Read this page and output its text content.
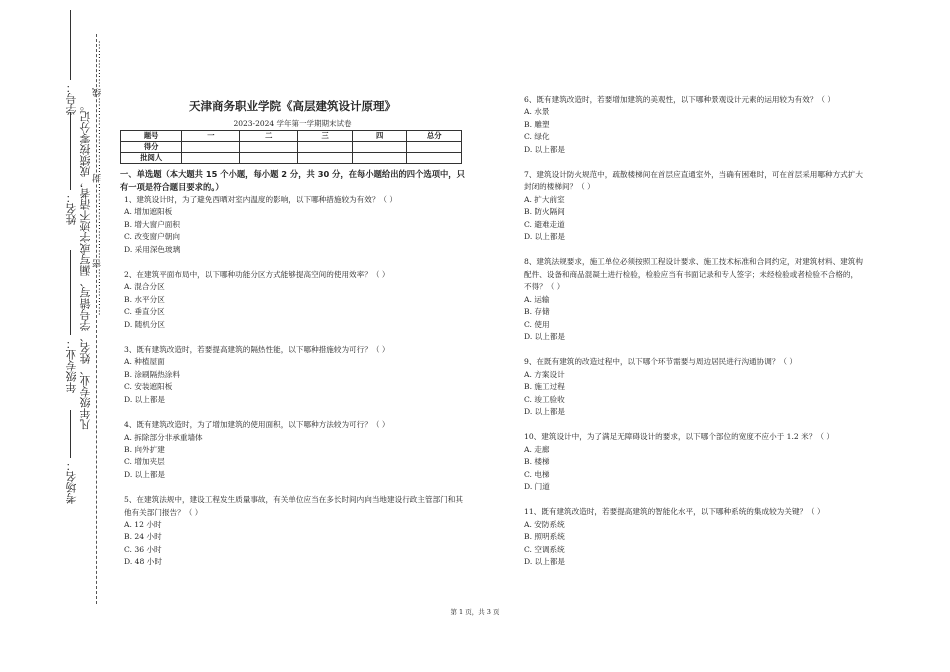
学号：
姓名：
年级专业：
考场名：
凡年级专业、姓名、学号错写、漏写或字迹不清者，成绩按零分记。 ……………密……………………封……………………线……………	天津商务职业学院《高层建筑设计原理》
2023-2024 学年第一学期期末试卷
题号	一	二	三	四	总分
得分					
批阅人					
一、单选题（本大题共 15 个小题，每小题 2 分，共 30 分，在每小题给出的四个选项中，只有一项是符合题目要求的。）

1、建筑设计时，为了避免西晒对室内温度的影响，以下哪种措施较为有效？（ ）

A. 增加遮阳板

B. 增大窗户面积

C. 改变窗户朝向

D. 采用深色玻璃

2、在建筑平面布局中，以下哪种功能分区方式能够提高空间的使用效率？（ ）

A. 混合分区

B. 水平分区

C. 垂直分区

D. 随机分区

3、既有建筑改造时，若要提高建筑的隔热性能，以下哪种措施较为可行？（ ）

A. 种植屋面

B. 涂刷隔热涂料

C. 安装遮阳板

D. 以上都是

4、既有建筑改造时，为了增加建筑的使用面积，以下哪种方法较为可行？（ ）

A. 拆除部分非承重墙体

B. 向外扩建

C. 增加夹层

D. 以上都是

5、在建筑法规中，建设工程发生质量事故，有关单位应当在多长时间内向当地建设行政主管部门和其他有关部门报告？（ ）

A. 12 小时

B. 24 小时

C. 36 小时

D. 48 小时

6、既有建筑改造时，若要增加建筑的美观性，以下哪种景观设计元素的运用较为有效？（ ）

A. 水景

B. 雕塑

C. 绿化

D. 以上都是

7、建筑设计防火规范中，疏散楼梯间在首层应直通室外，当确有困难时，可在首层采用哪种方式扩大封闭的楼梯间？（ ）

A. 扩大前室

B. 防火隔间

C. 避难走道

D. 以上都是

8、建筑法规要求，施工单位必须按照工程设计要求、施工技术标准和合同约定，对建筑材料、建筑构配件、设备和商品混凝土进行检验，检验应当有书面记录和专人签字；未经检验或者检验不合格的，不得？（ ）

A. 运输

B. 存储

C. 使用

D. 以上都是

9、在既有建筑的改造过程中，以下哪个环节需要与周边居民进行沟通协调？（ ）

A. 方案设计

B. 施工过程

C. 竣工验收

D. 以上都是

10、建筑设计中，为了满足无障碍设计的要求，以下哪个部位的宽度不应小于 1.2 米？（ ）

A. 走廊

B. 楼梯

C. 电梯

D. 门道

11、既有建筑改造时，若要提高建筑的智能化水平，以下哪种系统的集成较为关键？（ ）

A. 安防系统

B. 照明系统

C. 空调系统

D. 以上都是

第 1 页，共 3 页
